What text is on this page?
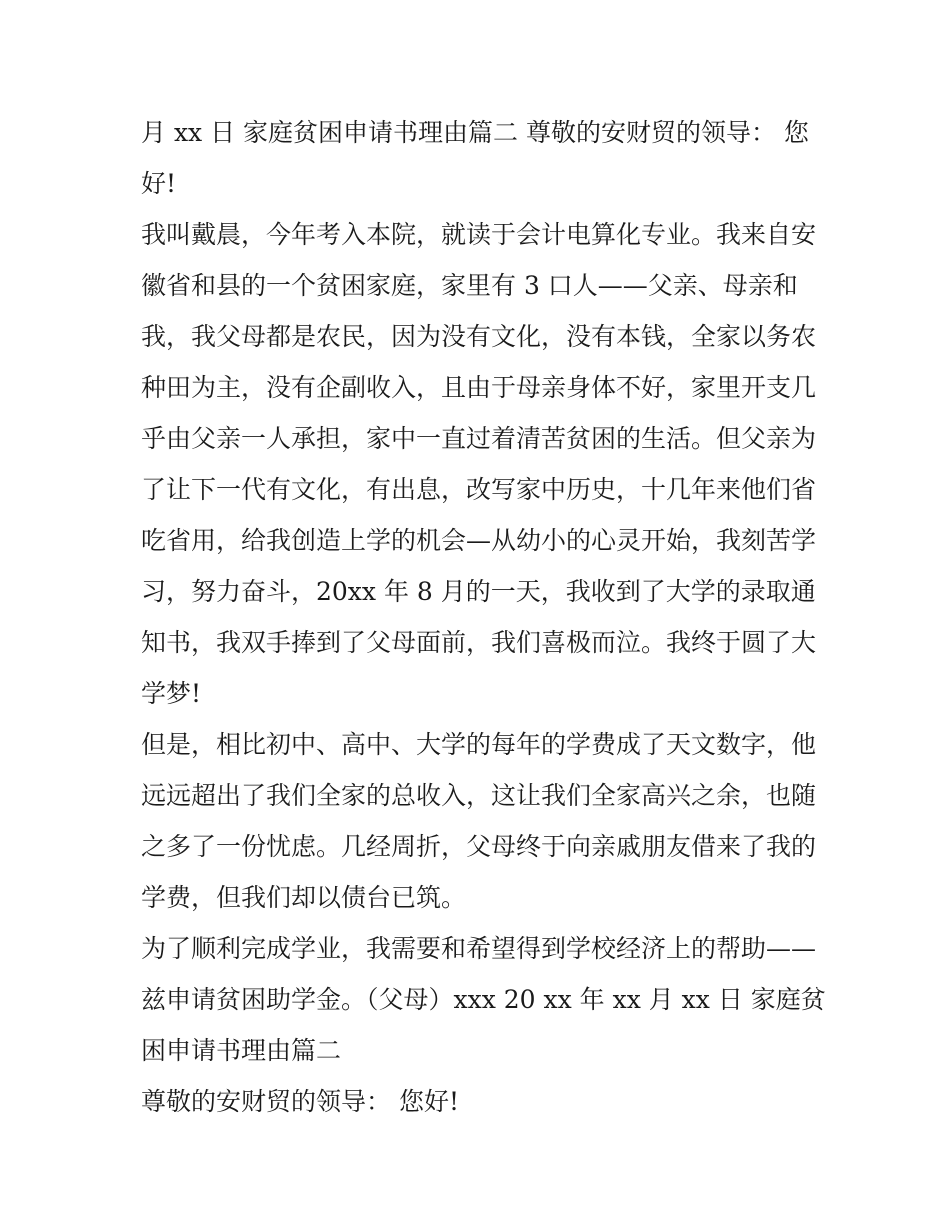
月 xx 日 家庭贫困申请书理由篇二 尊敬的安财贸的领导： 您
好!
我叫戴晨，今年考入本院，就读于会计电算化专业。我来自安
徽省和县的一个贫困家庭，家里有 3 口人——父亲、母亲和
我，我父母都是农民，因为没有文化，没有本钱，全家以务农
种田为主，没有企副收入，且由于母亲身体不好，家里开支几
乎由父亲一人承担，家中一直过着清苦贫困的生活。但父亲为
了让下一代有文化，有出息，改写家中历史，十几年来他们省
吃省用，给我创造上学的机会—从幼小的心灵开始，我刻苦学
习，努力奋斗，20xx 年 8 月的一天，我收到了大学的录取通
知书，我双手捧到了父母面前，我们喜极而泣。我终于圆了大
学梦!
但是，相比初中、高中、大学的每年的学费成了天文数字，他
远远超出了我们全家的总收入，这让我们全家高兴之余，也随
之多了一份忧虑。几经周折，父母终于向亲戚朋友借来了我的
学费，但我们却以债台已筑。
为了顺利完成学业，我需要和希望得到学校经济上的帮助——
兹申请贫困助学金。（父母）xxx 20 xx 年 xx 月 xx 日 家庭贫
困申请书理由篇二
尊敬的安财贸的领导： 您好!
